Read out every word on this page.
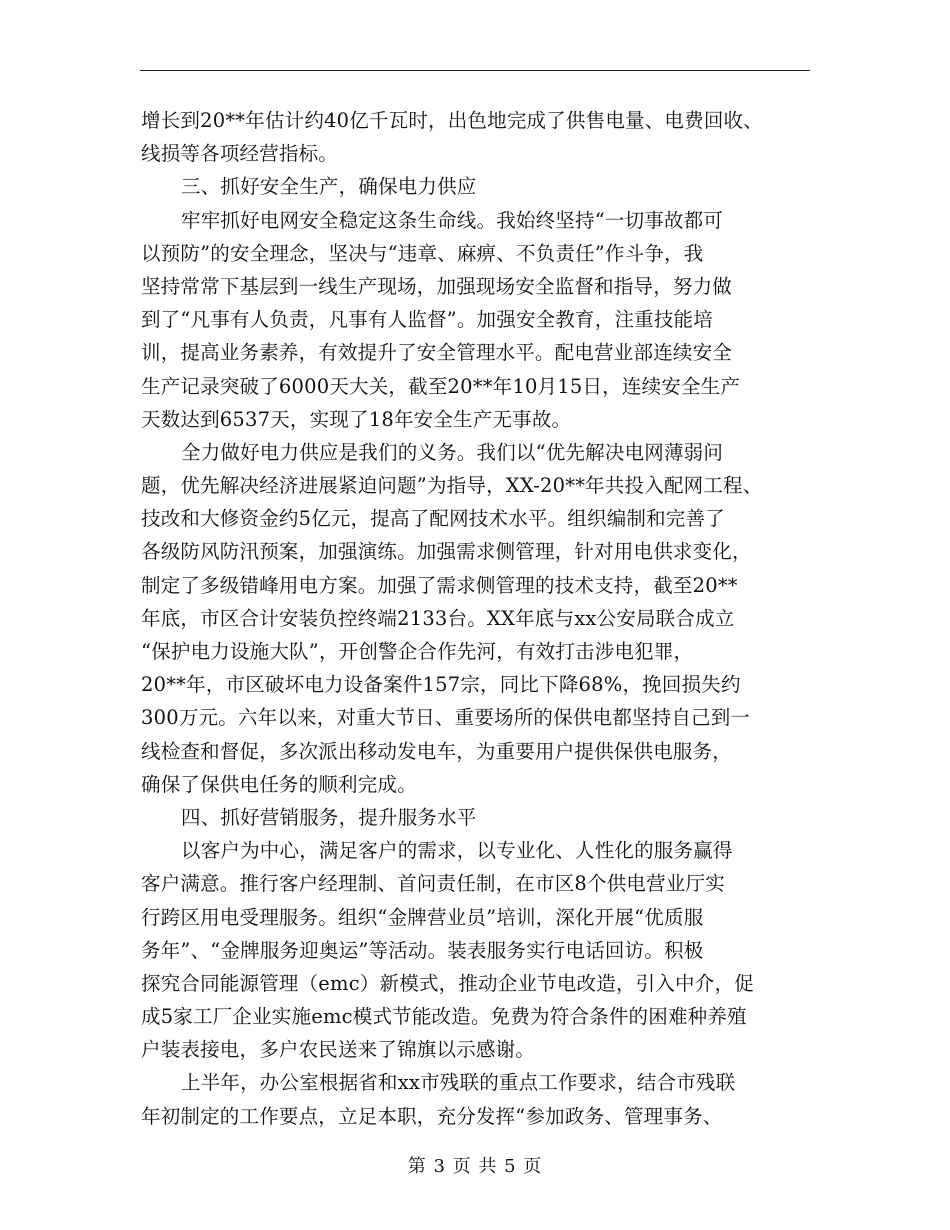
增长到20**年估计约40亿千瓦时，出色地完成了供售电量、电费回收、
线损等各项经营指标。
三、抓好安全生产，确保电力供应
牢牢抓好电网安全稳定这条生命线。我始终坚持“一切事故都可
以预防”的安全理念，坚决与“违章、麻痹、不负责任”作斗争，我
坚持常常下基层到一线生产现场，加强现场安全监督和指导，努力做
到了“凡事有人负责，凡事有人监督”。加强安全教育，注重技能培
训，提高业务素养，有效提升了安全管理水平。配电营业部连续安全
生产记录突破了6000天大关，截至20**年10月15日，连续安全生产
天数达到6537天，实现了18年安全生产无事故。
全力做好电力供应是我们的义务。我们以“优先解决电网薄弱问
题，优先解决经济进展紧迫问题”为指导，XX-20**年共投入配网工程、
技改和大修资金约5亿元，提高了配网技术水平。组织编制和完善了
各级防风防汛预案，加强演练。加强需求侧管理，针对用电供求变化，
制定了多级错峰用电方案。加强了需求侧管理的技术支持，截至20**
年底，市区合计安装负控终端2133台。XX年底与xx公安局联合成立
“保护电力设施大队”，开创警企合作先河，有效打击涉电犯罪，
20**年，市区破坏电力设备案件157宗，同比下降68%，挽回损失约
300万元。六年以来，对重大节日、重要场所的保供电都坚持自己到一
线检查和督促，多次派出移动发电车，为重要用户提供保供电服务，
确保了保供电任务的顺利完成。
四、抓好营销服务，提升服务水平
以客户为中心，满足客户的需求，以专业化、人性化的服务赢得
客户满意。推行客户经理制、首问责任制，在市区8个供电营业厅实
行跨区用电受理服务。组织“金牌营业员”培训，深化开展“优质服
务年”、“金牌服务迎奥运”等活动。装表服务实行电话回访。积极
探究合同能源管理（emc）新模式，推动企业节电改造，引入中介，促
成5家工厂企业实施emc模式节能改造。免费为符合条件的困难种养殖
户装表接电，多户农民送来了锦旗以示感谢。
上半年，办公室根据省和xx市残联的重点工作要求，结合市残联
年初制定的工作要点，立足本职，充分发挥“参加政务、管理事务、
第 3 页 共 5 页
